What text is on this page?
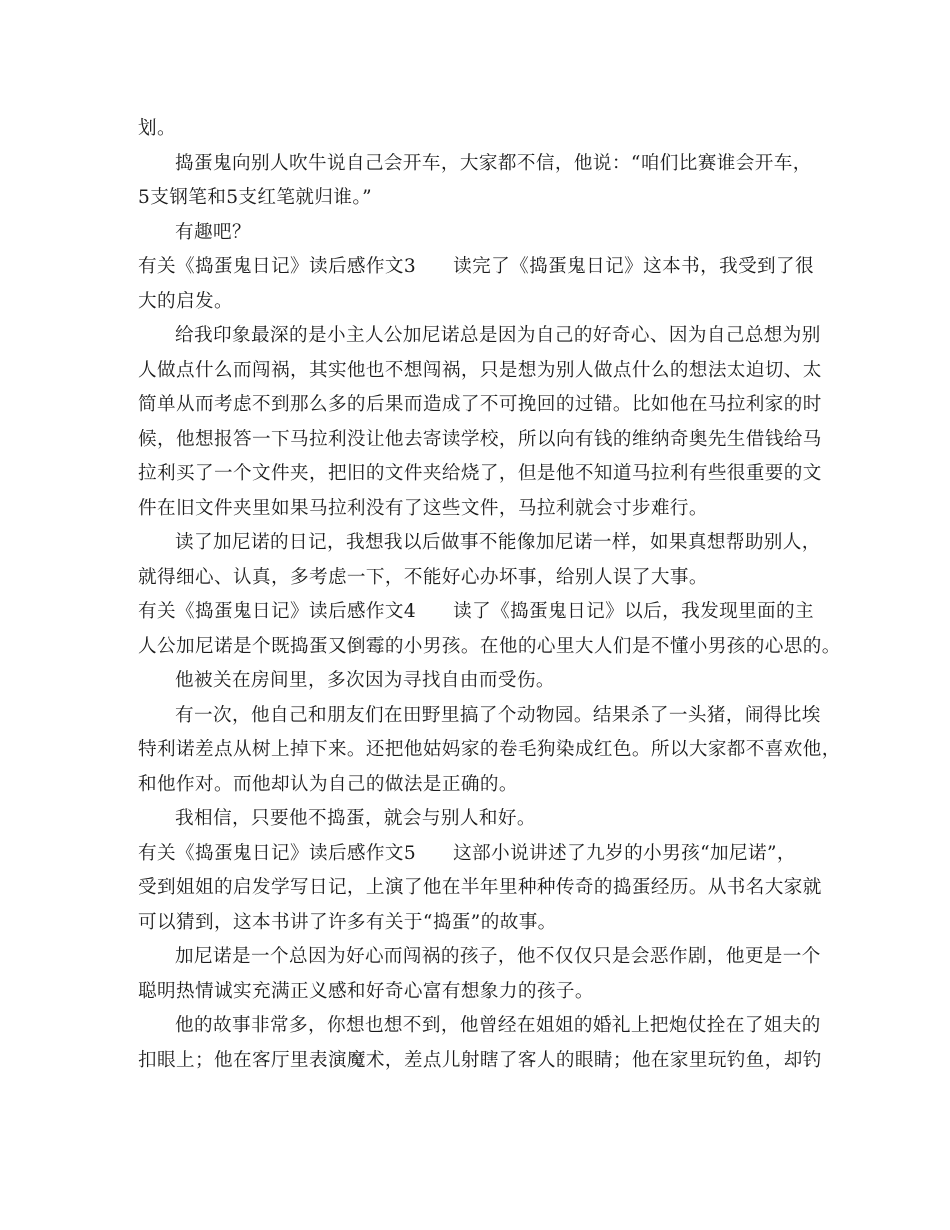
划。
捣蛋鬼向别人吹牛说自己会开车，大家都不信，他说：“咱们比赛谁会开车，
5支钢笔和5支红笔就归谁。”
有趣吧？
有关《捣蛋鬼日记》读后感作文3 读完了《捣蛋鬼日记》这本书，我受到了很
大的启发。
给我印象最深的是小主人公加尼诺总是因为自己的好奇心、因为自己总想为别
人做点什么而闯祸，其实他也不想闯祸，只是想为别人做点什么的想法太迫切、太
简单从而考虑不到那么多的后果而造成了不可挽回的过错。比如他在马拉利家的时
候，他想报答一下马拉利没让他去寄读学校，所以向有钱的维纳奇奥先生借钱给马
拉利买了一个文件夹，把旧的文件夹给烧了，但是他不知道马拉利有些很重要的文
件在旧文件夹里如果马拉利没有了这些文件，马拉利就会寸步难行。
读了加尼诺的日记，我想我以后做事不能像加尼诺一样，如果真想帮助别人，
就得细心、认真，多考虑一下，不能好心办坏事，给别人误了大事。
有关《捣蛋鬼日记》读后感作文4 读了《捣蛋鬼日记》以后，我发现里面的主
人公加尼诺是个既捣蛋又倒霉的小男孩。在他的心里大人们是不懂小男孩的心思的。
他被关在房间里，多次因为寻找自由而受伤。
有一次，他自己和朋友们在田野里搞了个动物园。结果杀了一头猪，闹得比埃
特利诺差点从树上掉下来。还把他姑妈家的卷毛狗染成红色。所以大家都不喜欢他，
和他作对。而他却认为自己的做法是正确的。
我相信，只要他不捣蛋，就会与别人和好。
有关《捣蛋鬼日记》读后感作文5 这部小说讲述了九岁的小男孩“加尼诺”，
受到姐姐的启发学写日记，上演了他在半年里种种传奇的捣蛋经历。从书名大家就
可以猜到，这本书讲了许多有关于“捣蛋”的故事。
加尼诺是一个总因为好心而闯祸的孩子，他不仅仅只是会恶作剧，他更是一个
聪明热情诚实充满正义感和好奇心富有想象力的孩子。
他的故事非常多，你想也想不到，他曾经在姐姐的婚礼上把炮仗拴在了姐夫的
扣眼上；他在客厅里表演魔术，差点儿射瞎了客人的眼睛；他在家里玩钓鱼，却钓
